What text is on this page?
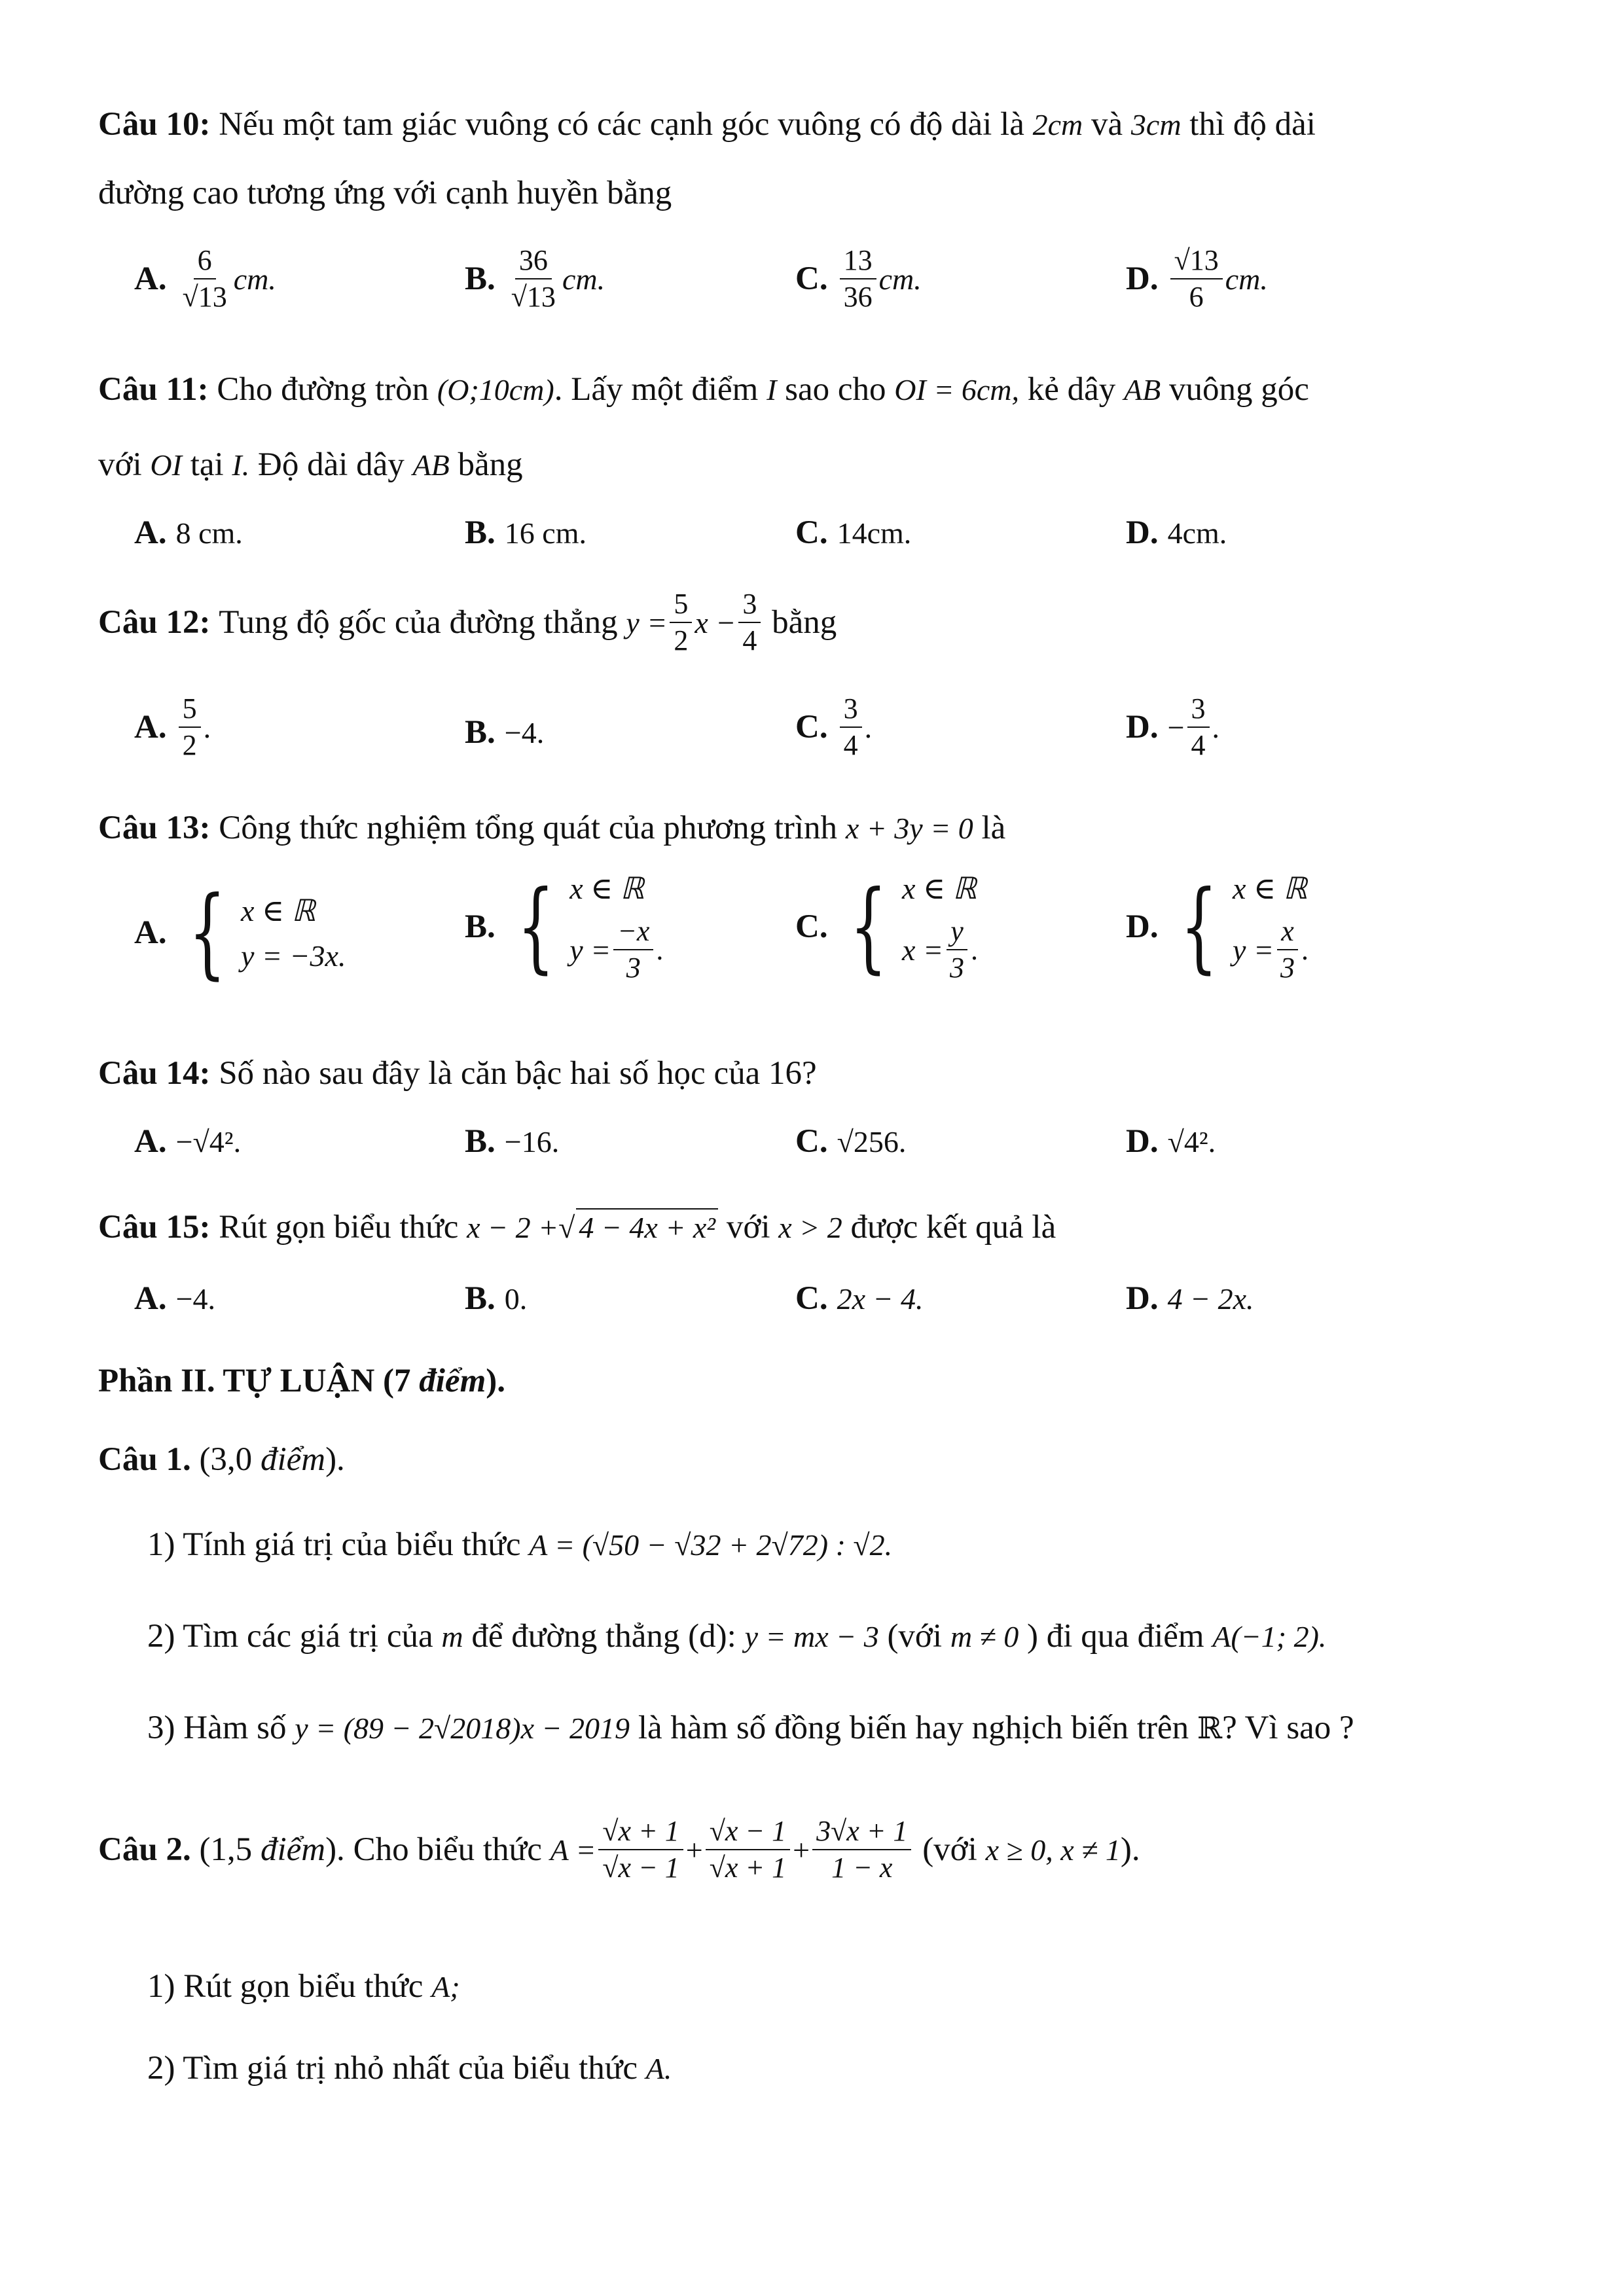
Câu 10: Nếu một tam giác vuông có các cạnh góc vuông có độ dài là 2cm và 3cm thì độ dài
đường cao tương ứng với cạnh huyền bằng
A. $\frac{6}{√13}$ cm.	B. $\frac{36}{√13}$ cm.	C. $\frac{13}{36}$ cm.	D. $\frac{√13}{6}$ cm.
Câu 11: Cho đường tròn (O;10cm). Lấy một điểm I sao cho OI = 6cm, kẻ dây AB vuông góc
với OI tại I. Độ dài dây AB bằng
A. 8 cm.	B. 16 cm.	C. 14cm.	D. 4cm.
Câu 12:
Tung độ gốc của đường thẳng
$y = \frac{5}{2}$ $x - \frac{3}{4}$
bằng
A. $\frac{5}{2}$ .	B. −4.	C. $\frac{3}{4}$ .	D. − $\frac{3}{4}$ .
Câu 13: Công thức nghiệm tổng quát của phương trình x + 3y = 0 là
A. { x ∈ ℝ
y = −3x.
B. { x ∈ ℝ
$y = \frac{-x}{3}$ .
C. { x ∈ ℝ
$x = \frac{y}{3}$ .
D. { x ∈ ℝ
$y = \frac{x}{3}$ .
Câu 14: Số nào sau đây là căn bậc hai số học của 16?
A. −√4².	B. −16.	C. √256.	D. √4².
Câu 15: Rút gọn biểu thức x − 2 +√ 4 − 4x + x² với x > 2 được kết quả là
A. −4.	B. 0.	C. 2x − 4.	D. 4 − 2x.
Phần II. TỰ LUẬN (7 điểm).
Câu 1. (3,0 điểm).
1) Tính giá trị của biểu thức A = (√50 − √32 + 2√72) : √2.
2) Tìm các giá trị của m để đường thẳng (d): y = mx − 3 (với m ≠ 0 ) đi qua điểm A(−1; 2).
3) Hàm số y = (89 − 2√2018)x − 2019 là hàm số đồng biến hay nghịch biến trên ℝ? Vì sao ?
Câu 2.
(1,5
điểm ).
Cho biểu thức
$A = \frac{√x + 1}{√x - 1} + \frac{√x - 1}{√x + 1} + \frac{3√x + 1}{1 - x}$
(với
x ≥ 0, x ≠ 1 ).
1) Rút gọn biểu thức A;
2) Tìm giá trị nhỏ nhất của biểu thức A.
